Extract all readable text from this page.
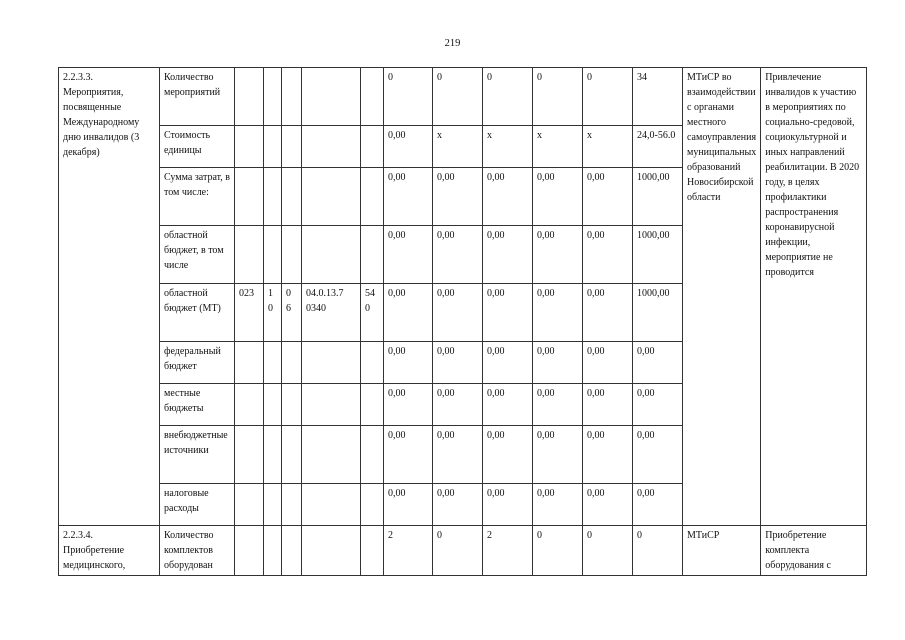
219
2.2.3.3. Мероприятия, посвященные Международному дню инвалидов (3 декабря)	Количество мероприятий						0	0	0	0	0	34	МТиСР во взаимодействии с органами местного самоуправления муниципальных образований Новосибирской области	Привлечение инвалидов к участию в мероприятиях по социально-средовой, социокультурной и иных направлений реабилитации. В 2020 году, в целях профилактики распространения коронавирусной инфекции, мероприятие не проводится
	Стоимость единицы						0,00	х	х	х	х	24,0-56.0		
	Сумма затрат, в том числе:						0,00	0,00	0,00	0,00	0,00	1000,00		
	областной бюджет, в том числе						0,00	0,00	0,00	0,00	0,00	1000,00		
	областной бюджет (МТ)	023	1 0	0 6	04.0.13.7 0340	54 0	0,00	0,00	0,00	0,00	0,00	1000,00		
	федеральный бюджет						0,00	0,00	0,00	0,00	0,00	0,00		
	местные бюджеты						0,00	0,00	0,00	0,00	0,00	0,00		
	внебюджетные источники						0,00	0,00	0,00	0,00	0,00	0,00		
	налоговые расходы						0,00	0,00	0,00	0,00	0,00	0,00		
2.2.3.4. Приобретение медицинского,	Количество комплектов оборудован						2	0	2	0	0	0	МТиСР	Приобретение комплекта оборудования с
